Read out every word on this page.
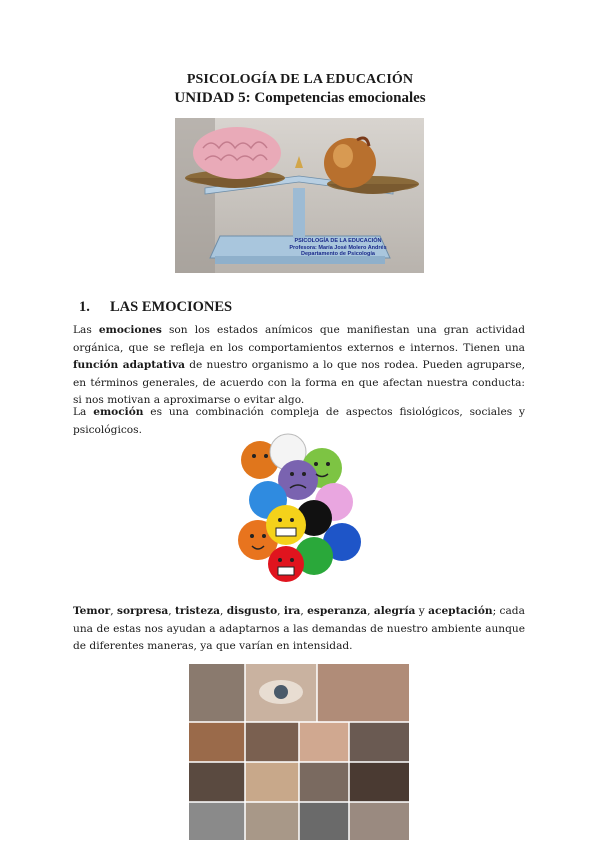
PSICOLOGÍA DE LA EDUCACIÓN
UNIDAD 5: Competencias emocionales
PSICOLOGÍA DE LA EDUCACIÓN
Profesora: María José Molero Andrés
Departamento de Psicología
1. LAS EMOCIONES
Las emociones son los estados anímicos que manifiestan una gran actividad orgánica, que se refleja en los comportamientos externos e internos. Tienen una función adaptativa de nuestro organismo a lo que nos rodea. Pueden agruparse, en términos generales, de acuerdo con la forma en que afectan nuestra conducta: si nos motivan a aproximarse o evitar algo.
La emoción es una combinación compleja de aspectos fisiológicos, sociales y psicológicos.
Temor, sorpresa, tristeza, disgusto, ira, esperanza, alegría y aceptación; cada una de estas nos ayudan a adaptarnos a las demandas de nuestro ambiente aunque de diferentes maneras, ya que varían en intensidad.
